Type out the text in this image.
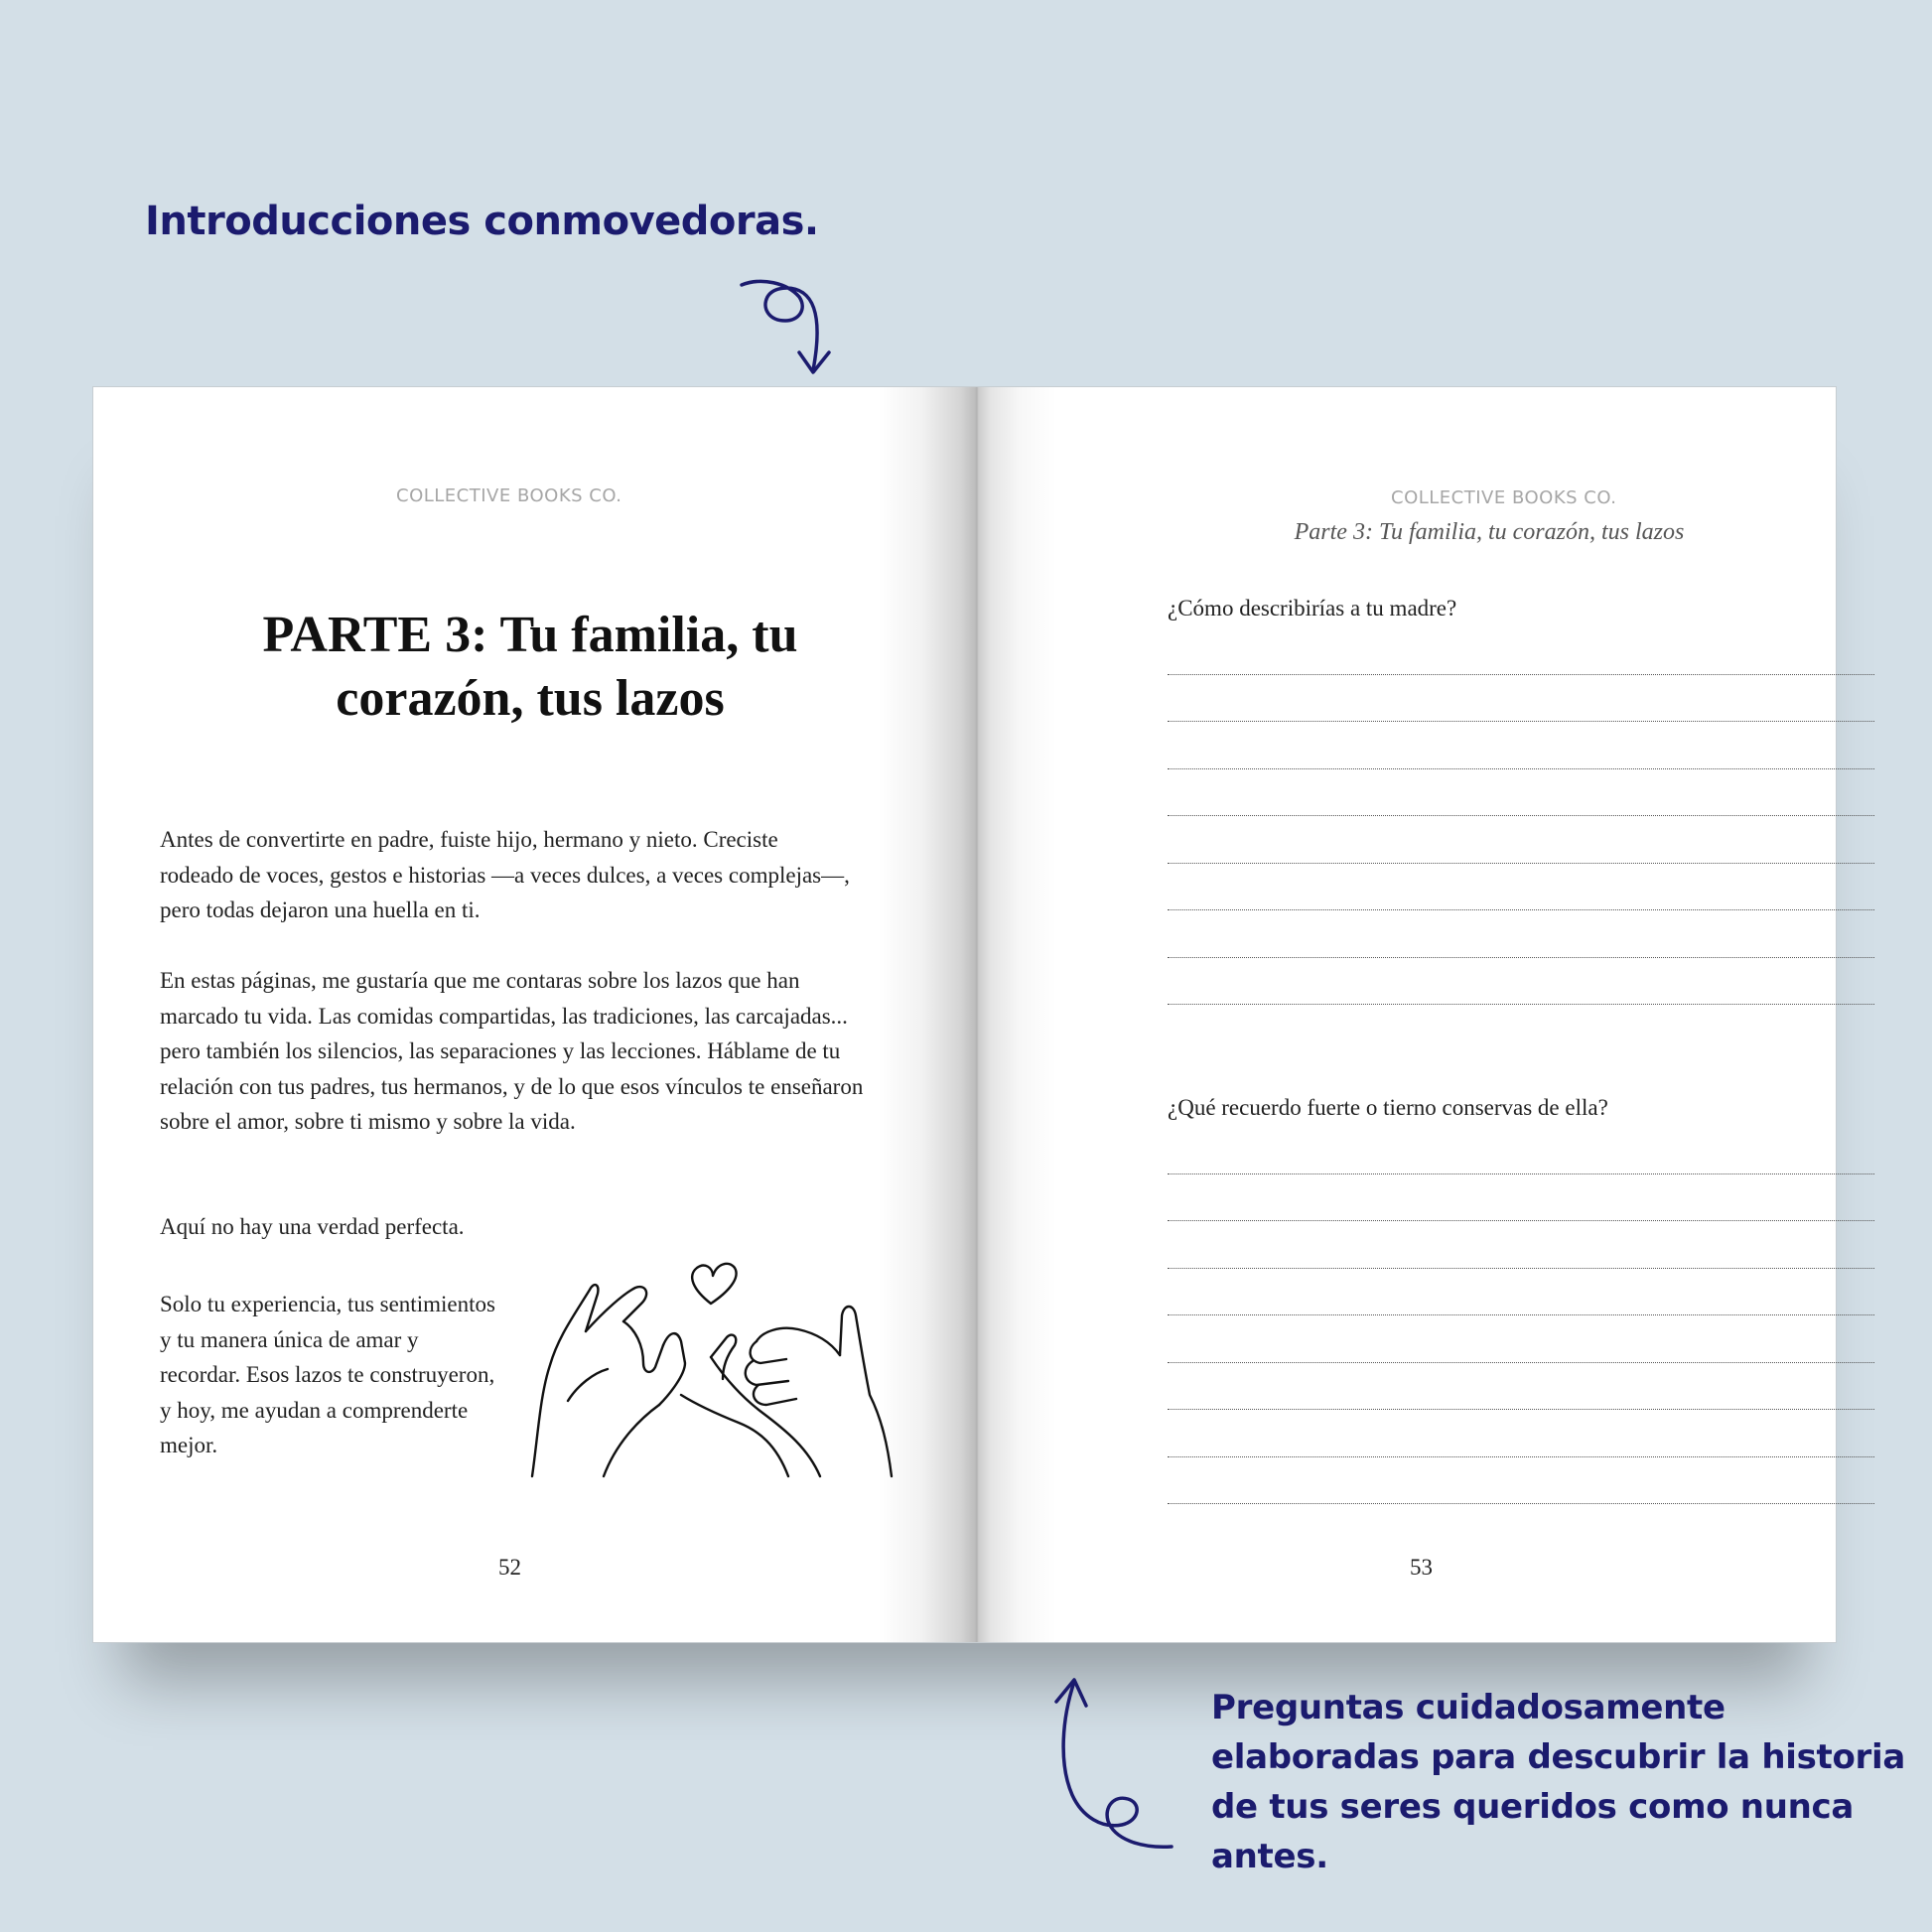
Introducciones conmovedoras.

COLLECTIVE BOOKS CO.

PARTE 3: Tu familia, tu corazón, tus lazos

Antes de convertirte en padre, fuiste hijo, hermano y nieto. Creciste rodeado de voces, gestos e historias —a veces dulces, a veces complejas—, pero todas dejaron una huella en ti.

En estas páginas, me gustaría que me contaras sobre los lazos que han marcado tu vida. Las comidas compartidas, las tradiciones, las carcajadas... pero también los silencios, las separaciones y las lecciones. Háblame de tu relación con tus padres, tus hermanos, y de lo que esos vínculos te enseñaron sobre el amor, sobre ti mismo y sobre la vida.

Aquí no hay una verdad perfecta.

Solo tu experiencia, tus sentimientos y tu manera única de amar y recordar. Esos lazos te construyeron, y hoy, me ayudan a comprenderte mejor.

52

COLLECTIVE BOOKS CO.

Parte 3: Tu familia, tu corazón, tus lazos

¿Cómo describirías a tu madre?

¿Qué recuerdo fuerte o tierno conservas de ella?

53

Preguntas cuidadosamente elaboradas para descubrir la historia de tus seres queridos como nunca antes.
